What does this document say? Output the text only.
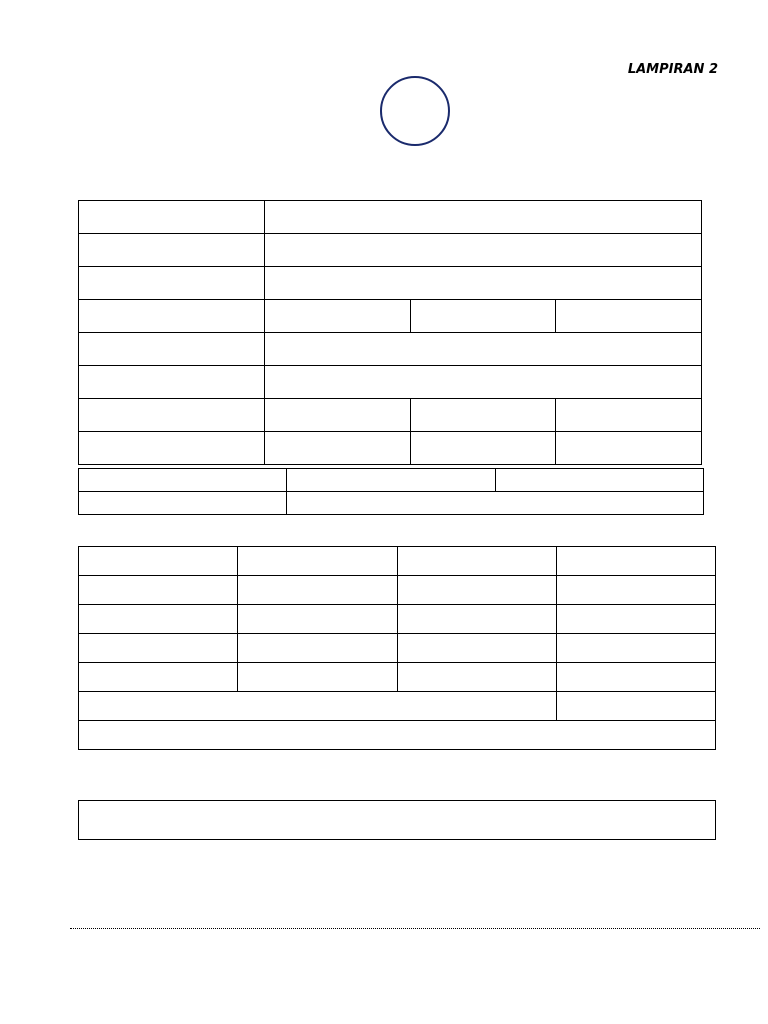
LAMPIRAN 2
